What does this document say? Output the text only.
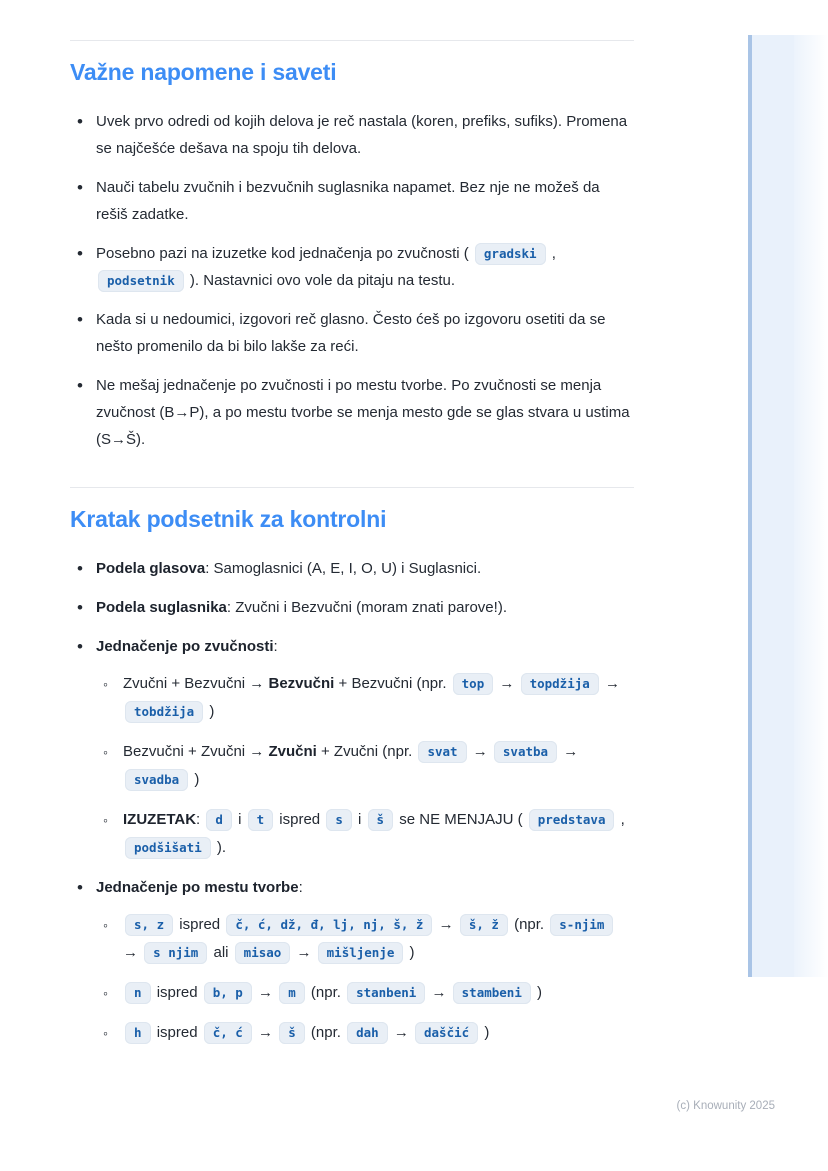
Važne napomene i saveti
• Uvek prvo odredi od kojih delova je reč nastala (koren, prefiks, sufiks). Promena se najčešće dešava na spoju tih delova.
• Nauči tabelu zvučnih i bezvučnih suglasnika napamet. Bez nje ne možeš da rešiš zadatke.
• Posebno pazi na izuzetke kod jednačenja po zvučnosti ( gradski , podsetnik ). Nastavnici ovo vole da pitaju na testu.
• Kada si u nedoumici, izgovori reč glasno. Često ćeš po izgovoru osetiti da se nešto promenilo da bi bilo lakše za reći.
• Ne mešaj jednačenje po zvučnosti i po mestu tvorbe. Po zvučnosti se menja zvučnost (B→P), a po mestu tvorbe se menja mesto gde se glas stvara u ustima (S→Š).
Kratak podsetnik za kontrolni
• Podela glasova: Samoglasnici (A, E, I, O, U) i Suglasnici.
• Podela suglasnika: Zvučni i Bezvučni (moram znati parove!).
• Jednačenje po zvučnosti:
◦ Zvučni + Bezvučni → Bezvučni + Bezvučni (npr. top → topdžija → tobdžija )
◦ Bezvučni + Zvučni → Zvučni + Zvučni (npr. svat → svatba → svadba )
◦ IZUZETAK: d i t ispred s i š se NE MENJAJU ( predstava , podšišati ).
• Jednačenje po mestu tvorbe:
◦ s, z ispred č, ć, dž, đ, lj, nj, š, ž → š, ž (npr. s-njim → s njim ali misao → mišljenje )
◦ n ispred b, p → m (npr. stanbeni → stambeni )
◦ h ispred č, ć → š (npr. dah → daščić )
(c) Knowunity 2025
